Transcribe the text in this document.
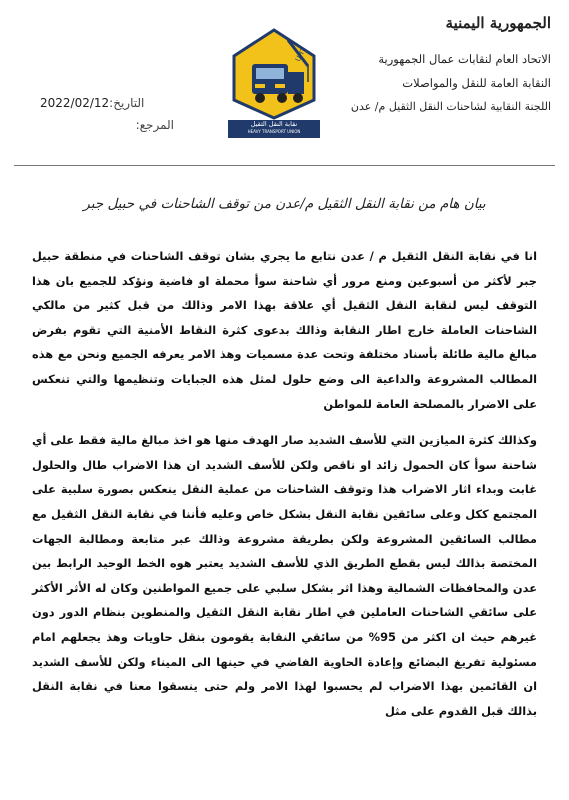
الجمهورية اليمنية
الاتحاد العام لنقابات عمال الجمهورية
النقابة العامة للنقل والمواصلات
اللجنة النقابية لشاحنات النقل الثقيل م/ عدن
UHT
نقابة النقل الثقيل
HEAVY TRANSPORT UNION
التاريخ:
2022/02/12
المرجع:
بيان هام من نقابة النقل الثقيل م/عدن من توقف الشاحنات في حبيل جبر

انا في نقابة النقل الثقيل م / عدن نتابع ما يجري بشان توقف الشاحنات في منطقة حبيل جبر لأكثر من أسبوعين ومنع مرور أي شاحنة سوأ محملة او فاضية ونؤكد للجميع بان هذا التوقف ليس لنقابة النقل الثقيل أي علاقة بهذا الامر وذالك من قبل كثير من مالكي الشاحنات العاملة خارج اطار النقابة وذالك بدعوى كثرة النقاط الأمنية التي تقوم بفرض مبالغ مالية طائلة بأسناد مختلفة وتحت عدة مسميات وهذ الامر يعرفه الجميع ونحن مع هذه المطالب المشروعة والداعية الى وضع حلول لمثل هذه الجبايات وتنظيمها والتي تنعكس على الاضرار بالمصلحة العامة للمواطن

وكذالك كثرة الميازين التي للأسف الشديد صار الهدف منها هو اخذ مبالغ مالية فقط على أي شاحنة سوأ كان الحمول زائد او ناقص ولكن للأسف الشديد ان هذا الاضراب طال والحلول غابت وبداء اثار الاضراب هذا وتوقف الشاحنات من عملية النقل ينعكس بصورة سلبية على المجتمع ككل وعلى سائقين نقابة النقل بشكل خاص وعليه فأننا في نقابة النقل الثقيل مع مطالب السائقين المشروعة ولكن بطريقة مشروعة وذالك عبر متابعة ومطالبة الجهات المختصة بذالك ليس بقطع الطريق الذي للأسف الشديد يعتبر هوه الخط الوحيد الرابط بين عدن والمحافظات الشمالية وهذا اثر بشكل سلبي على جميع المواطنين وكان له الأثر الأكثر على سائقي الشاحنات العاملين في اطار نقابة النقل الثقيل والمنطوين بنظام الدور دون غيرهم حيث ان اكثر من 95% من سائقي النقابة يقومون بنقل حاويات وهذ يجعلهم امام مسئولية تفريغ البضائع وإعادة الحاوية الفاضي في حينها الى الميناء ولكن للأسف الشديد ان القائمين بهذا الاضراب لم يحسبوا لهذا الامر ولم حتى ينسقوا معنا في نقابة النقل بذالك قبل القدوم على مثل
